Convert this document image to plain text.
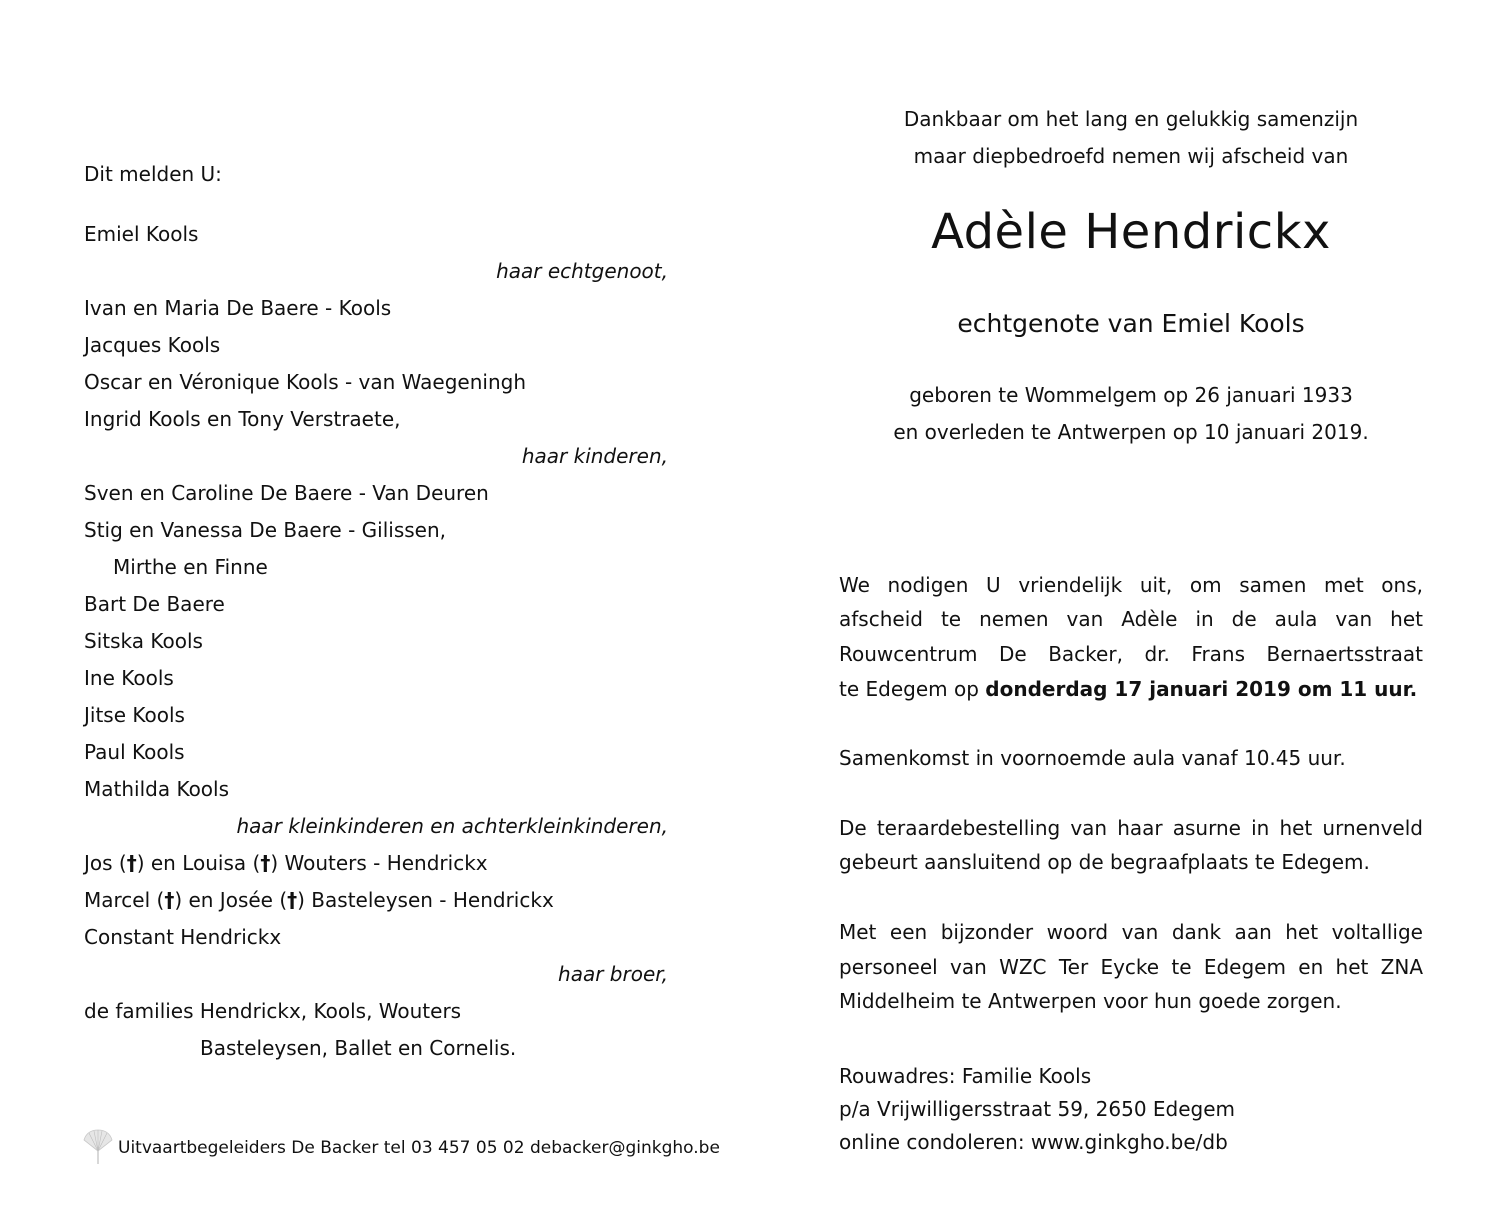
Dit melden U:
Emiel Kools
haar echtgenoot,
Ivan en Maria De Baere - Kools
Jacques Kools
Oscar en Véronique Kools - van Waegeningh
Ingrid Kools en Tony Verstraete,
haar kinderen,
Sven en Caroline De Baere - Van Deuren
Stig en Vanessa De Baere - Gilissen,
Mirthe en Finne
Bart De Baere
Sitska Kools
Ine Kools
Jitse Kools
Paul Kools
Mathilda Kools
haar kleinkinderen en achterkleinkinderen,
Jos (†) en Louisa (†) Wouters - Hendrickx
Marcel (†) en Josée (†) Basteleysen - Hendrickx
Constant Hendrickx
haar broer,
de families Hendrickx, Kools, Wouters
Basteleysen, Ballet en Cornelis.
Uitvaartbegeleiders De Backer tel 03 457 05 02 debacker@ginkgho.be
Dankbaar om het lang en gelukkig samenzijn
maar diepbedroefd nemen wij afscheid van
Adèle Hendrickx
echtgenote van Emiel Kools
geboren te Wommelgem op 26 januari 1933
en overleden te Antwerpen op 10 januari 2019.
We nodigen U vriendelijk uit, om samen met ons,
afscheid te nemen van Adèle in de aula van het
Rouwcentrum De Backer, dr. Frans Bernaertsstraat
te Edegem op donderdag 17 januari 2019 om 11 uur.
Samenkomst in voornoemde aula vanaf 10.45 uur.
De teraardebestelling van haar asurne in het urnenveld
gebeurt aansluitend op de begraafplaats te Edegem.
Met een bijzonder woord van dank aan het voltallige
personeel van WZC Ter Eycke te Edegem en het ZNA
Middelheim te Antwerpen voor hun goede zorgen.
Rouwadres: Familie Kools
p/a Vrijwilligersstraat 59, 2650 Edegem
online condoleren: www.ginkgho.be/db
